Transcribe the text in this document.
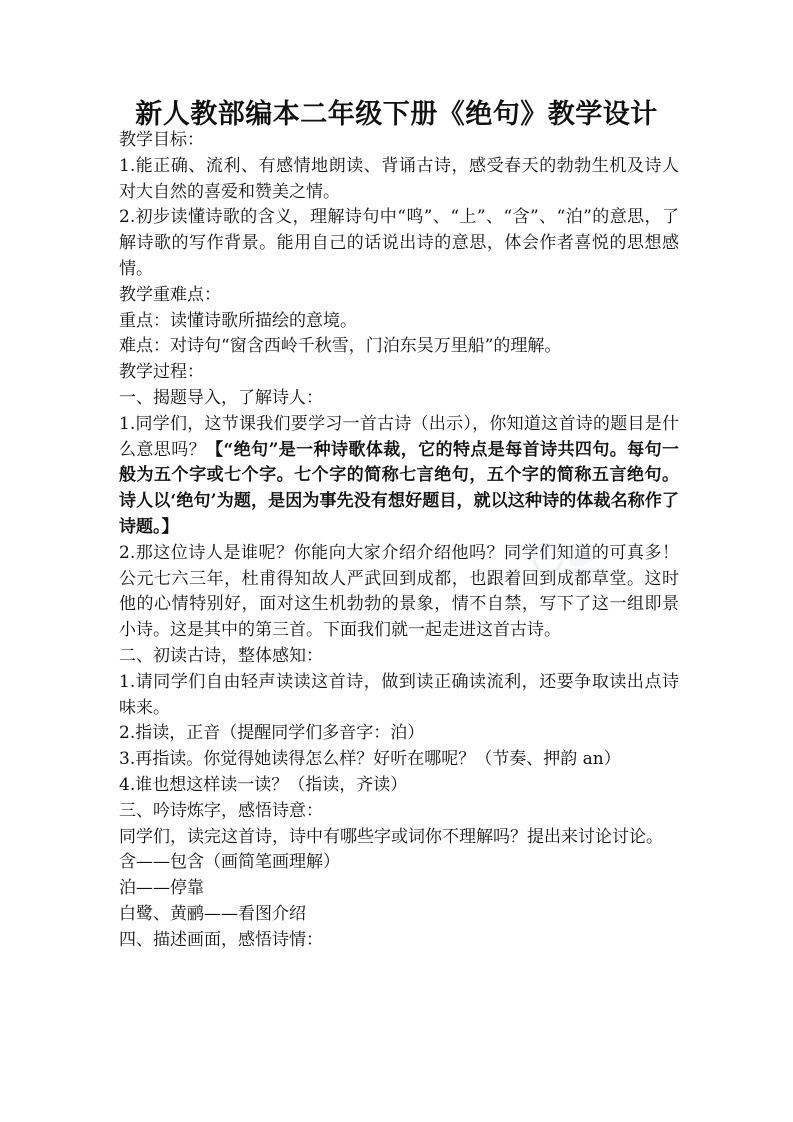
新人教部编本二年级下册《绝句》教学设计

教学目标：

1.能正确、流利、有感情地朗读、背诵古诗，感受春天的勃勃生机及诗人对大自然的喜爱和赞美之情。

2.初步读懂诗歌的含义，理解诗句中“鸣”、“上”、“含”、“泊”的意思，了解诗歌的写作背景。能用自己的话说出诗的意思，体会作者喜悦的思想感情。

教学重难点：

重点：读懂诗歌所描绘的意境。

难点：对诗句“窗含西岭千秋雪，门泊东吴万里船”的理解。

教学过程：

一、揭题导入，了解诗人：

1.同学们，这节课我们要学习一首古诗（出示），你知道这首诗的题目是什么意思吗？【“绝句”是一种诗歌体裁，它的特点是每首诗共四句。每句一般为五个字或七个字。七个字的简称七言绝句，五个字的简称五言绝句。诗人以‘绝句’为题，是因为事先没有想好题目，就以这种诗的体裁名称作了诗题。】

2.那这位诗人是谁呢？你能向大家介绍介绍他吗？同学们知道的可真多！公元七六三年，杜甫得知故人严武回到成都，也跟着回到成都草堂。这时他的心情特别好，面对这生机勃勃的景象，情不自禁，写下了这一组即景小诗。这是其中的第三首。下面我们就一起走进这首古诗。

二、初读古诗，整体感知：

1.请同学们自由轻声读读这首诗，做到读正确读流利，还要争取读出点诗味来。

2.指读，正音（提醒同学们多音字：泊）

3.再指读。你觉得她读得怎么样？好听在哪呢？（节奏、押韵 an）

4.谁也想这样读一读？（指读，齐读）

三、吟诗炼字，感悟诗意：

同学们，读完这首诗，诗中有哪些字或词你不理解吗？提出来讨论讨论。

含——包含（画简笔画理解）

泊——停靠

白鹭、黄鹂——看图介绍

四、描述画面，感悟诗情：
